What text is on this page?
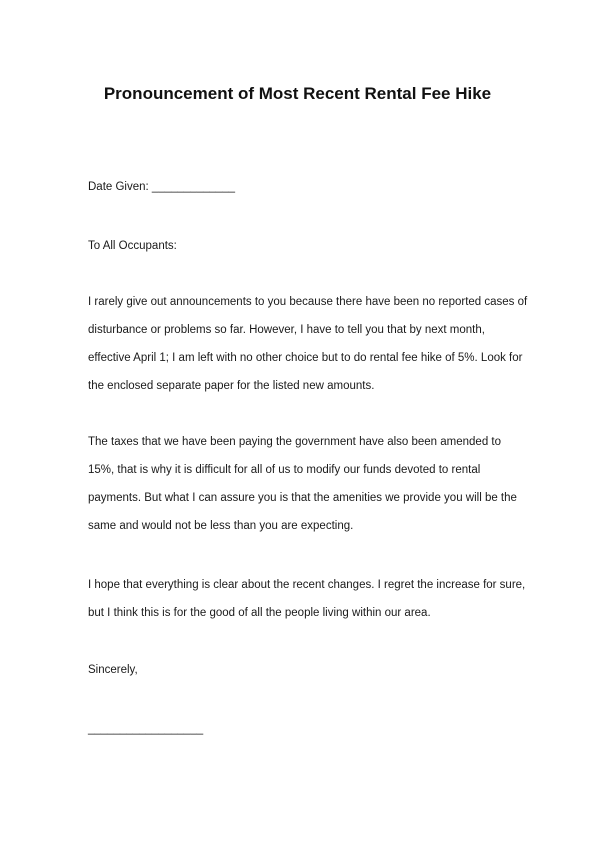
Pronouncement of Most Recent Rental Fee Hike

Date Given: _____________

To All Occupants:

I rarely give out announcements to you because there have been no reported cases of disturbance or problems so far. However, I have to tell you that by next month, effective April 1; I am left with no other choice but to do rental fee hike of 5%. Look for the enclosed separate paper for the listed new amounts.

The taxes that we have been paying the government have also been amended to 15%, that is why it is difficult for all of us to modify our funds devoted to rental payments. But what I can assure you is that the amenities we provide you will be the same and would not be less than you are expecting.

I hope that everything is clear about the recent changes. I regret the increase for sure, but I think this is for the good of all the people living within our area.

Sincerely,

__________________
